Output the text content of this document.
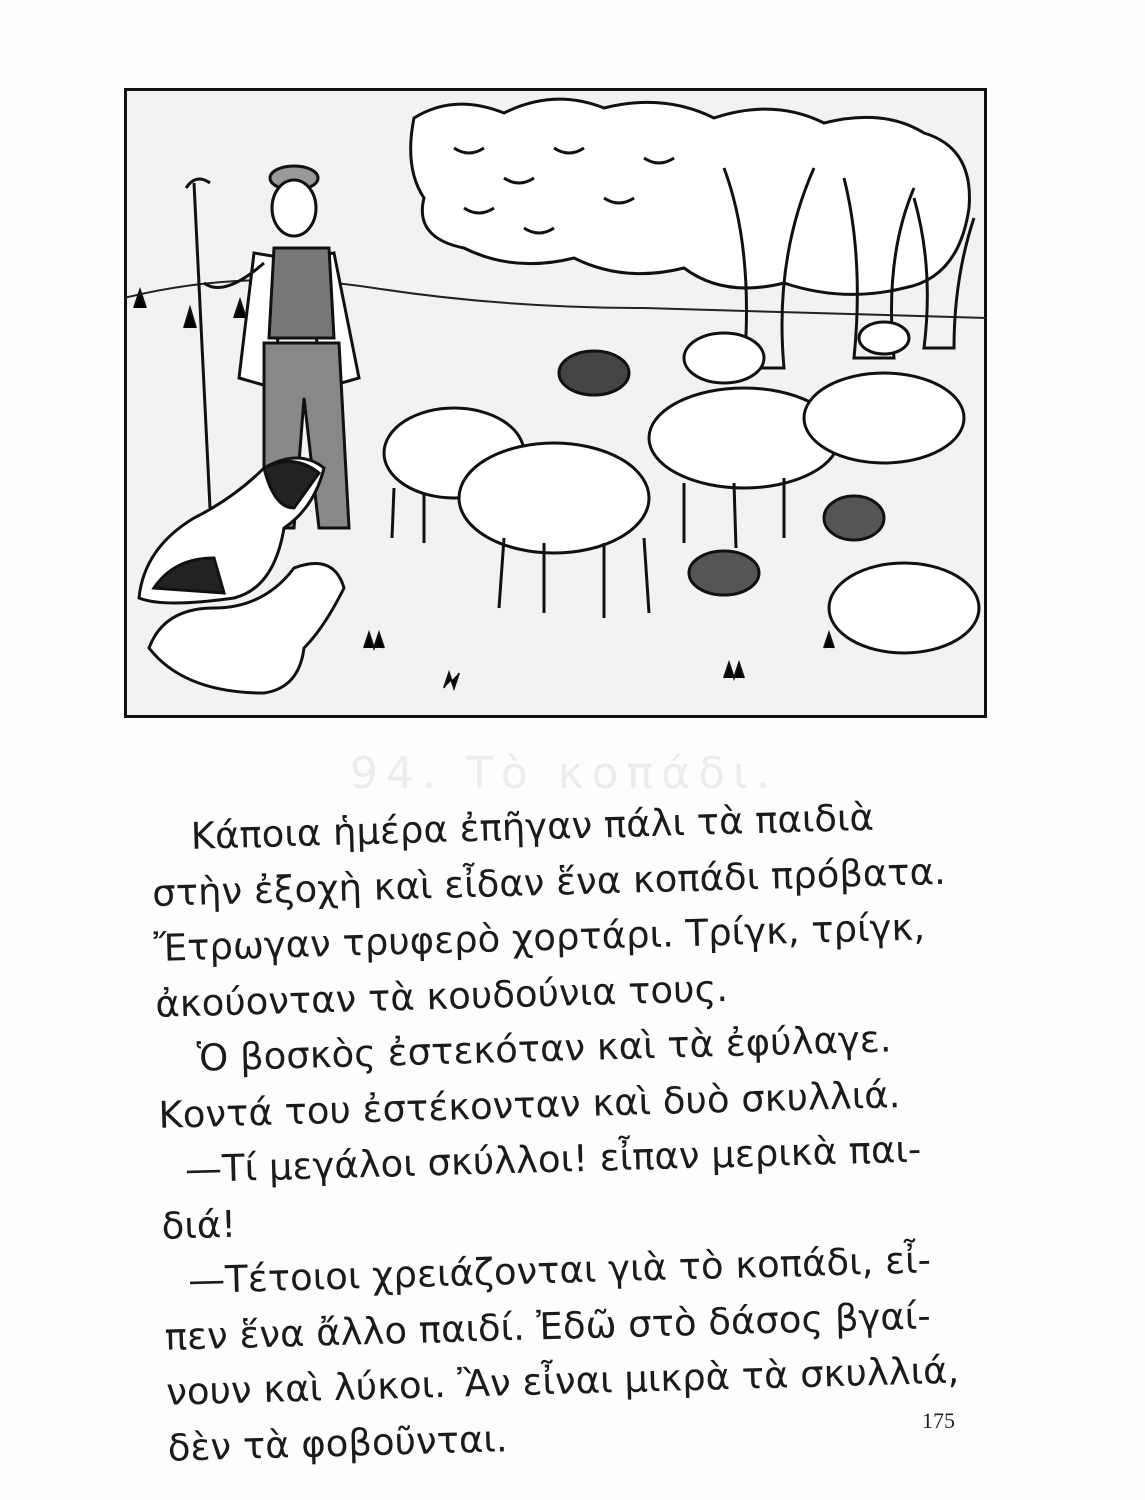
94. Τὸ κοπάδι.
Κάποια ἡμέρα ἐπῆγαν πάλι τὰ παιδιὰ
στὴν ἐξοχὴ καὶ εἶδαν ἕνα κοπάδι πρόβατα.
Ἔτρωγαν τρυφερὸ χορτάρι. Τρίγκ, τρίγκ,
ἀκούονταν τὰ κουδούνια τους.
Ὁ βοσκὸς ἐστεκόταν καὶ τὰ ἐφύλαγε.
Κοντά του ἐστέκονταν καὶ δυὸ σκυλλιά.
—Τί μεγάλοι σκύλλοι! εἶπαν μερικὰ παι-
διά!
—Τέτοιοι χρειάζονται γιὰ τὸ κοπάδι, εἶ-
πεν ἕνα ἄλλο παιδί. Ἐδῶ στὸ δάσος βγαί-
νουν καὶ λύκοι. Ἂν εἶναι μικρὰ τὰ σκυλλιά,
δὲν τὰ φοβοῦνται.	175
